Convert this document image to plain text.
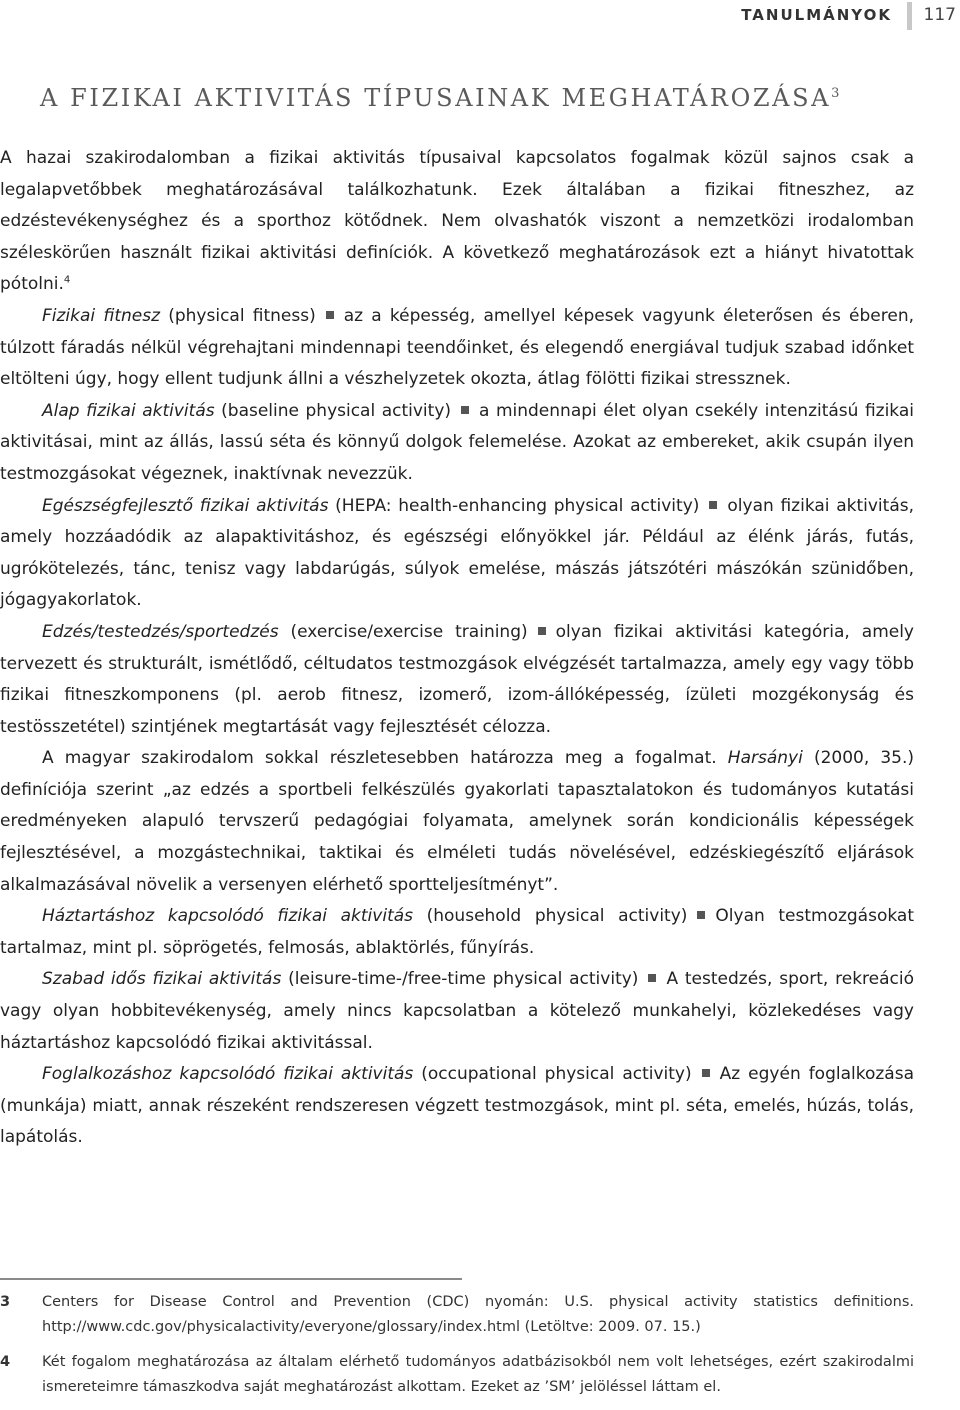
TANULMÁNYOK 117
A FIZIKAI AKTIVITÁS TÍPUSAINAK MEGHATÁROZÁSA$^3$

A hazai szakirodalomban a fizikai aktivitás típusaival kapcsolatos fogalmak közül sajnos csak a legalapvetőbbek meghatározásával találkozhatunk. Ezek általában a fizikai fitneszhez, az edzéstevékenységhez és a sporthoz kötődnek. Nem olvashatók viszont a nemzetközi irodalomban széleskörűen használt fizikai aktivitási definíciók. A következő meghatározások ezt a hiányt hivatottak pótolni.$^4$

Fizikai fitnesz (physical fitness) az a képesség, amellyel képesek vagyunk életerősen és éberen, túlzott fáradás nélkül végrehajtani mindennapi teendőinket, és elegendő energiával tudjuk szabad időnket eltölteni úgy, hogy ellent tudjunk állni a vészhelyzetek okozta, átlag fölötti fizikai stressznek.

Alap fizikai aktivitás (baseline physical activity) a mindennapi élet olyan csekély intenzitású fizikai aktivitásai, mint az állás, lassú séta és könnyű dolgok felemelése. Azokat az embereket, akik csupán ilyen testmozgásokat végeznek, inaktívnak nevezzük.

Egészségfejlesztő fizikai aktivitás (HEPA: health-enhancing physical activity) olyan fizikai aktivitás, amely hozzáadódik az alapaktivitáshoz, és egészségi előnyökkel jár. Például az élénk járás, futás, ugrókötelezés, tánc, tenisz vagy labdarúgás, súlyok emelése, mászás játszótéri mászókán szünidőben, jógagyakorlatok.

Edzés/testedzés/sportedzés (exercise/exercise training) olyan fizikai aktivitási kategória, amely tervezett és strukturált, ismétlődő, céltudatos testmozgások elvégzését tartalmazza, amely egy vagy több fizikai fitneszkomponens (pl. aerob fitnesz, izomerő, izom-állóképesség, ízületi mozgékonyság és testösszetétel) szintjének megtartását vagy fejlesztését célozza.

A magyar szakirodalom sokkal részletesebben határozza meg a fogalmat. Harsányi (2000, 35.) definíciója szerint „az edzés a sportbeli felkészülés gyakorlati tapasztalatokon és tudományos kutatási eredményeken alapuló tervszerű pedagógiai folyamata, amelynek során kondicionális képességek fejlesztésével, a mozgástechnikai, taktikai és elméleti tudás növelésével, edzéskiegészítő eljárások alkalmazásával növelik a versenyen elérhető sportteljesítményt”.

Háztartáshoz kapcsolódó fizikai aktivitás (household physical activity) Olyan testmozgásokat tartalmaz, mint pl. söprögetés, felmosás, ablaktörlés, fűnyírás.

Szabad idős fizikai aktivitás (leisure-time-/free-time physical activity) A testedzés, sport, rekreáció vagy olyan hobbitevékenység, amely nincs kapcsolatban a kötelező munkahelyi, közlekedéses vagy háztartáshoz kapcsolódó fizikai aktivitással.

Foglalkozáshoz kapcsolódó fizikai aktivitás (occupational physical activity) Az egyén foglalkozása (munkája) miatt, annak részeként rendszeresen végzett testmozgások, mint pl. séta, emelés, húzás, tolás, lapátolás.

3 Centers for Disease Control and Prevention (CDC) nyomán: U.S. physical activity statistics definitions. http://www.cdc.gov/physicalactivity/everyone/glossary/index.html (Letöltve: 2009. 07. 15.)
4 Két fogalom meghatározása az általam elérhető tudományos adatbázisokból nem volt lehetséges, ezért szakirodalmi ismereteimre támaszkodva saját meghatározást alkottam. Ezeket az ’SM’ jelöléssel láttam el.
